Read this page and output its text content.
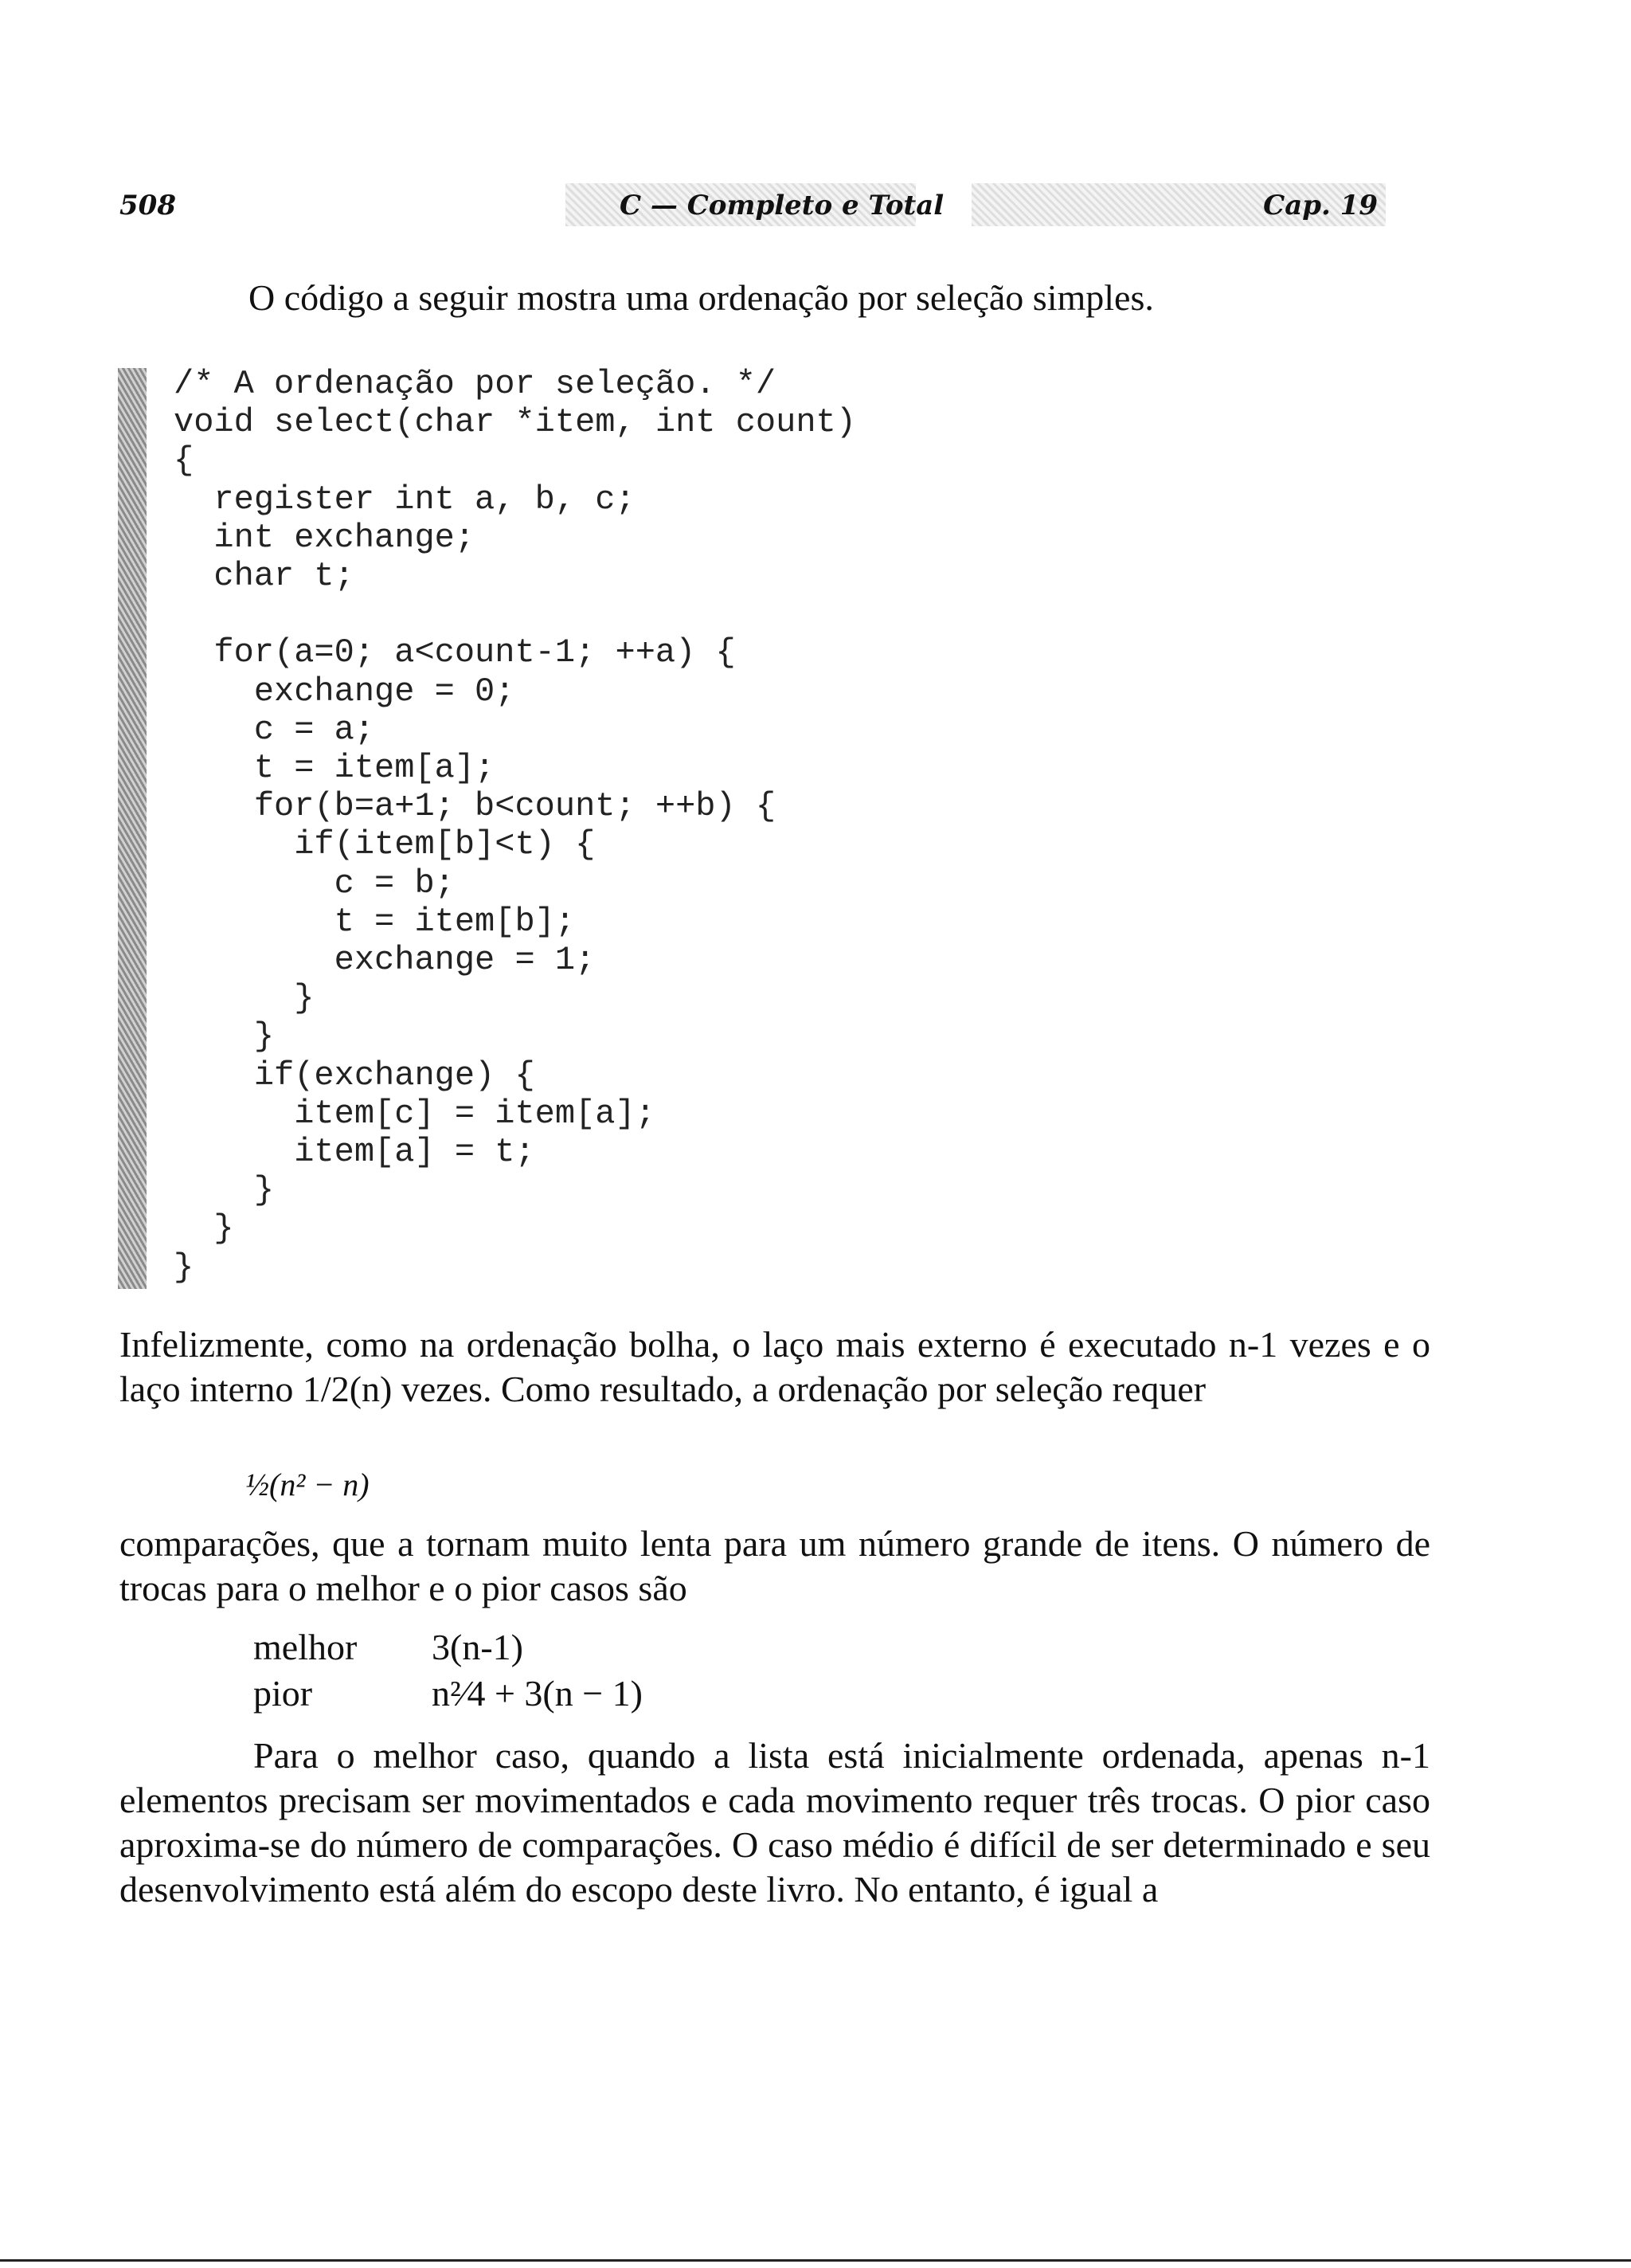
508	C — Completo e Total	Cap. 19

O código a seguir mostra uma ordenação por seleção simples.

/* A ordenação por seleção. */
void select(char *item, int count)
{
register int a, b, c;
int exchange;
char t;

for(a=0; a<count-1; ++a) {
exchange = 0;
c = a;
t = item[a];
for(b=a+1; b<count; ++b) {
if(item[b]<t) {
c = b;
t = item[b];
exchange = 1;
}
}
if(exchange) {
item[c] = item[a];
item[a] = t;
}
}
}

Infelizmente, como na ordenação bolha, o laço mais externo é executado n-1 vezes e o laço interno 1/2(n) vezes. Como resultado, a ordenação por seleção requer

½(n² − n)

comparações, que a tornam muito lenta para um número grande de itens. O número de trocas para o melhor e o pior casos são

melhor 3(n-1)
pior	n²⁄4 + 3(n − 1)

Para o melhor caso, quando a lista está inicialmente ordenada, apenas n-1 elementos precisam ser movimentados e cada movimento requer três trocas. O pior caso aproxima-se do número de comparações. O caso médio é difícil de ser determinado e seu desenvolvimento está além do escopo deste livro. No entanto, é igual a
